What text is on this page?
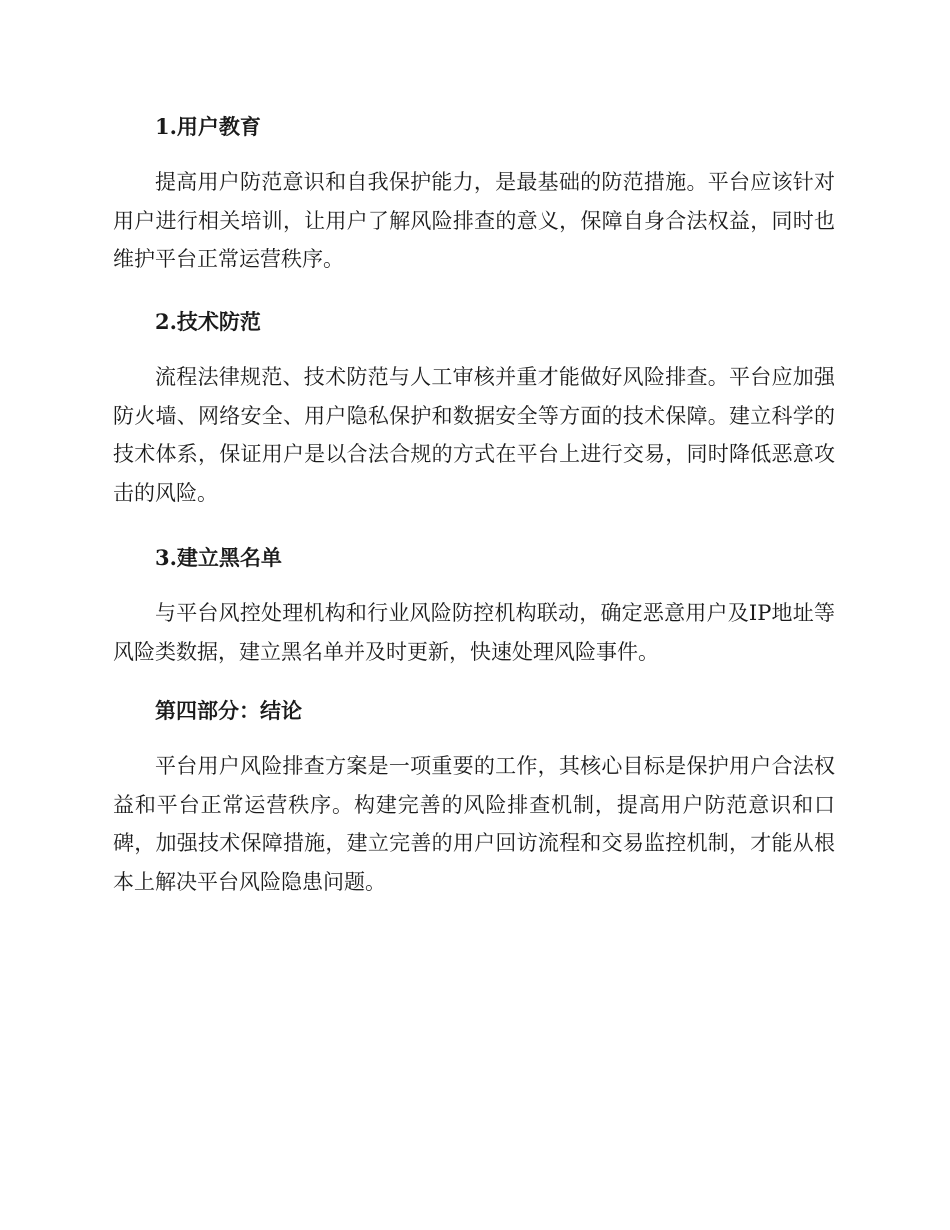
1.用户教育
提高用户防范意识和自我保护能力，是最基础的防范措施。平台应该针对用户进行相关培训，让用户了解风险排查的意义，保障自身合法权益，同时也维护平台正常运营秩序。
2.技术防范
流程法律规范、技术防范与人工审核并重才能做好风险排查。平台应加强防火墙、网络安全、用户隐私保护和数据安全等方面的技术保障。建立科学的技术体系，保证用户是以合法合规的方式在平台上进行交易，同时降低恶意攻击的风险。
3.建立黑名单
与平台风控处理机构和行业风险防控机构联动，确定恶意用户及IP地址等风险类数据，建立黑名单并及时更新，快速处理风险事件。
第四部分：结论
平台用户风险排查方案是一项重要的工作，其核心目标是保护用户合法权益和平台正常运营秩序。构建完善的风险排查机制，提高用户防范意识和口碑，加强技术保障措施，建立完善的用户回访流程和交易监控机制，才能从根本上解决平台风险隐患问题。
